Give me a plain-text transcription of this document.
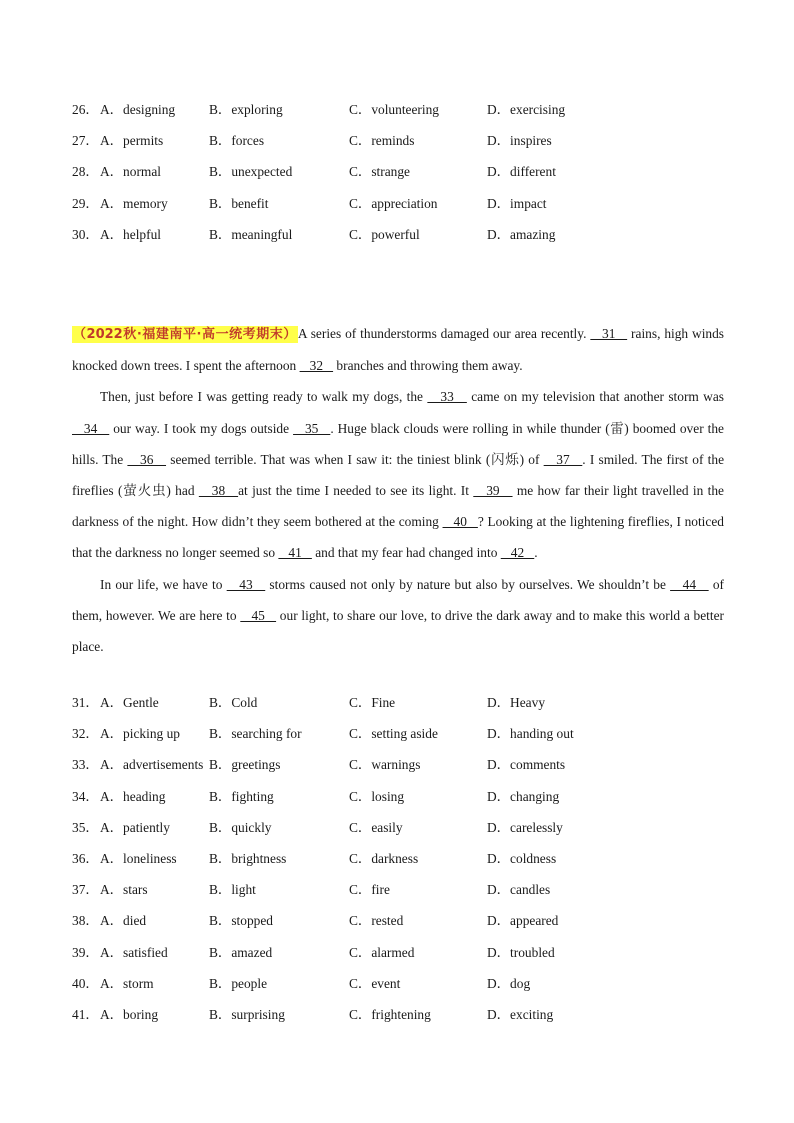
26． A．designing	B．exploring	C．volunteering	D．exercising
27． A．permits	B．forces	C．reminds	D．inspires
28． A．normal	B．unexpected	C．strange	D．different
29． A．memory	B．benefit	C．appreciation	D．impact
30． A．helpful	B．meaningful	C．powerful	D．amazing

（2022秋·福建南平·高一统考期末）A series of thunderstorms damaged our area recently.    31    rains, high winds knocked down trees. I spent the afternoon    32    branches and throwing them away.

Then, just before I was getting ready to walk my dogs, the    33    came on my television that another storm was    34    our way. I took my dogs outside    35   . Huge black clouds were rolling in while thunder (雷) boomed over the hills. The    36    seemed terrible. That was when I saw it: the tiniest blink (闪烁) of    37   . I smiled. The first of the fireflies (萤火虫) had    38   at just the time I needed to see its light. It    39    me how far their light travelled in the darkness of the night. How didn’t they seem bothered at the coming    40   ? Looking at the lightening fireflies, I noticed that the darkness no longer seemed so    41    and that my fear had changed into    42   .

In our life, we have to    43    storms caused not only by nature but also by ourselves. We shouldn’t be    44    of them, however. We are here to    45    our light, to share our love, to drive the dark away and to make this world a better place.

31． A．Gentle	B．Cold	C．Fine	D．Heavy
32． A．picking up B．searching for	C．setting aside	D．handing out
33． A．advertisements B．greetings	C．warnings	D．comments
34． A．heading	B．fighting	C．losing	D．changing
35． A．patiently	B．quickly	C．easily	D．carelessly
36． A．loneliness B．brightness	C．darkness	D．coldness
37． A．stars	B．light	C．fire	D．candles
38． A．died	B．stopped	C．rested	D．appeared
39． A．satisfied	B．amazed	C．alarmed	D．troubled
40． A．storm	B．people	C．event	D．dog
41． A．boring	B．surprising	C．frightening	D．exciting
